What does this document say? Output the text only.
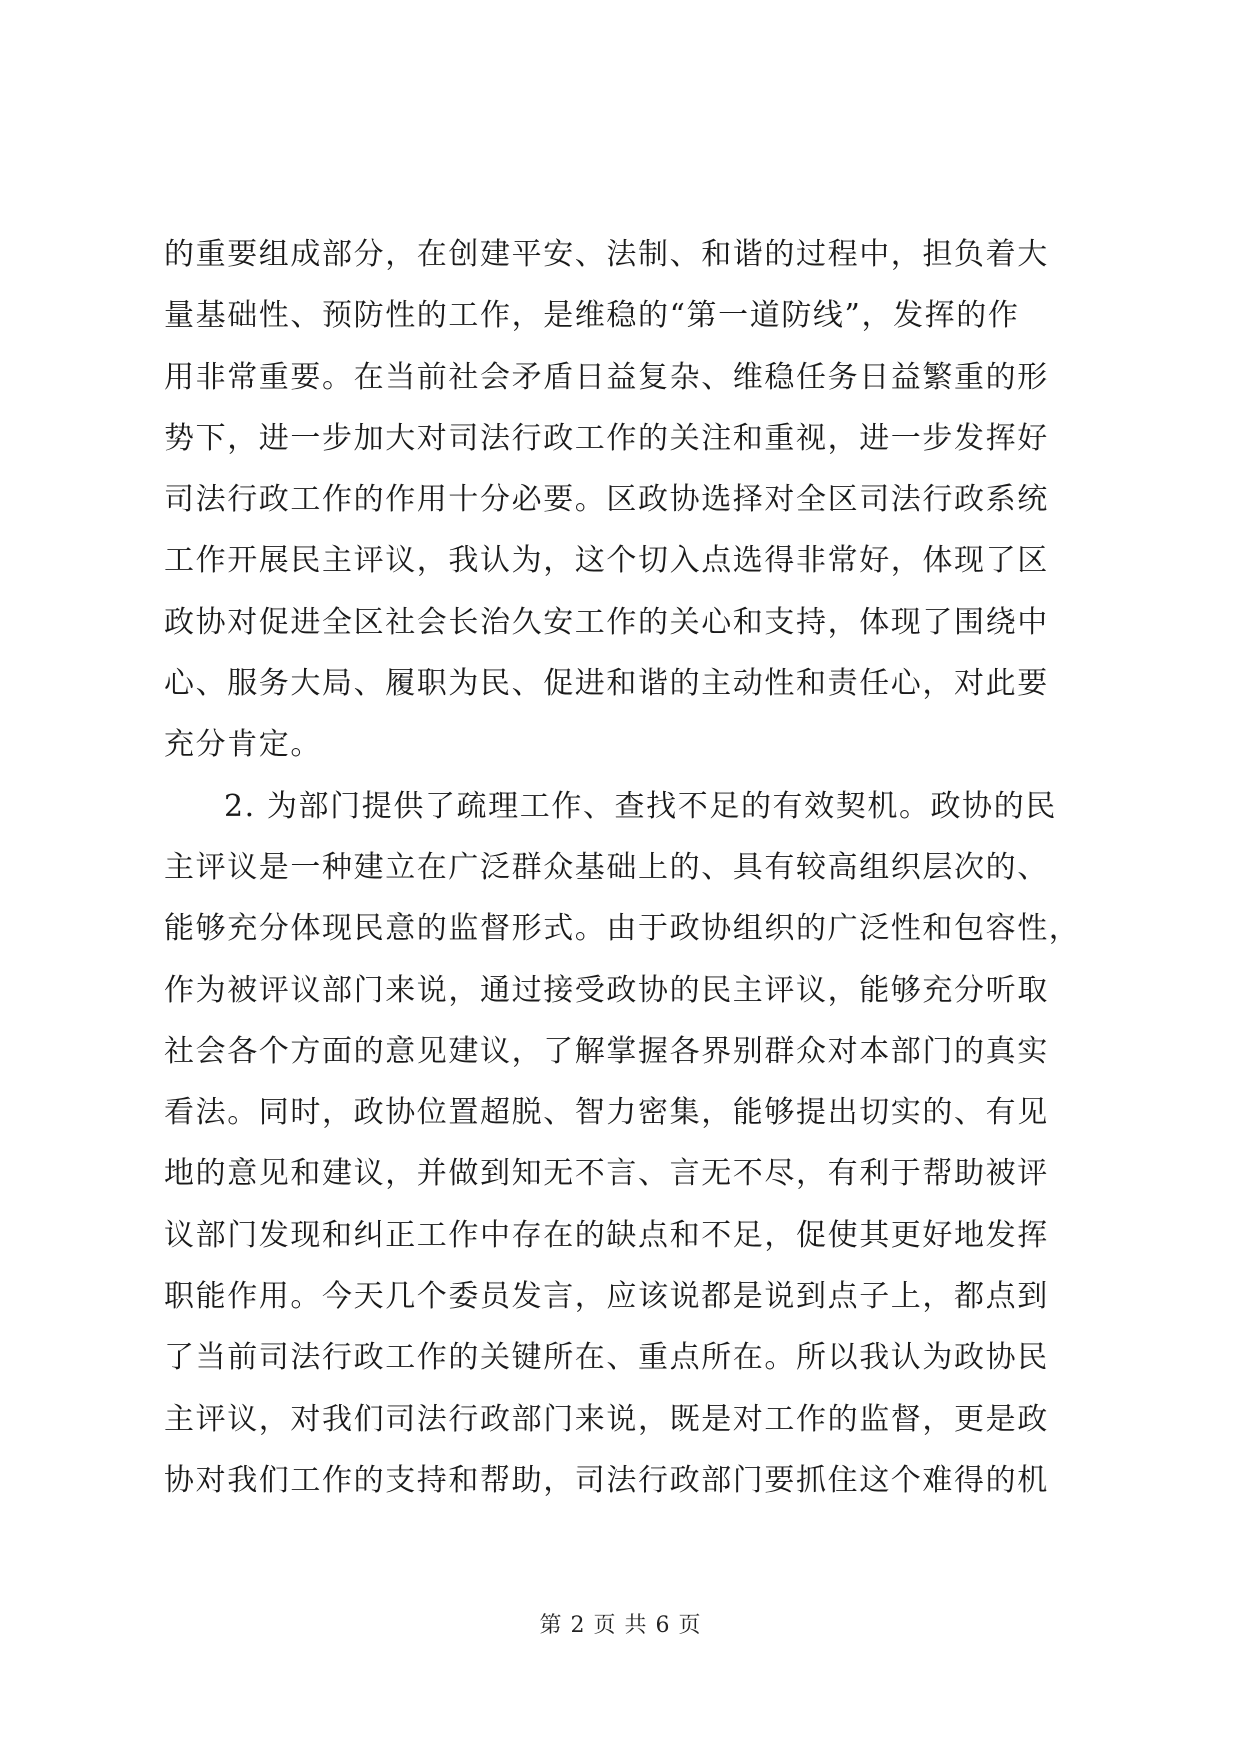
的重要组成部分，在创建平安、法制、和谐的过程中，担负着大
量基础性、预防性的工作，是维稳的“第一道防线”，发挥的作
用非常重要。在当前社会矛盾日益复杂、维稳任务日益繁重的形
势下，进一步加大对司法行政工作的关注和重视，进一步发挥好
司法行政工作的作用十分必要。区政协选择对全区司法行政系统
工作开展民主评议，我认为，这个切入点选得非常好，体现了区
政协对促进全区社会长治久安工作的关心和支持，体现了围绕中
心、服务大局、履职为民、促进和谐的主动性和责任心，对此要
充分肯定。
2. 为部门提供了疏理工作、查找不足的有效契机。政协的民
主评议是一种建立在广泛群众基础上的、具有较高组织层次的、
能够充分体现民意的监督形式。由于政协组织的广泛性和包容性，
作为被评议部门来说，通过接受政协的民主评议，能够充分听取
社会各个方面的意见建议，了解掌握各界别群众对本部门的真实
看法。同时，政协位置超脱、智力密集，能够提出切实的、有见
地的意见和建议，并做到知无不言、言无不尽，有利于帮助被评
议部门发现和纠正工作中存在的缺点和不足，促使其更好地发挥
职能作用。今天几个委员发言，应该说都是说到点子上，都点到
了当前司法行政工作的关键所在、重点所在。所以我认为政协民
主评议，对我们司法行政部门来说，既是对工作的监督，更是政
协对我们工作的支持和帮助，司法行政部门要抓住这个难得的机
第 2 页 共 6 页
